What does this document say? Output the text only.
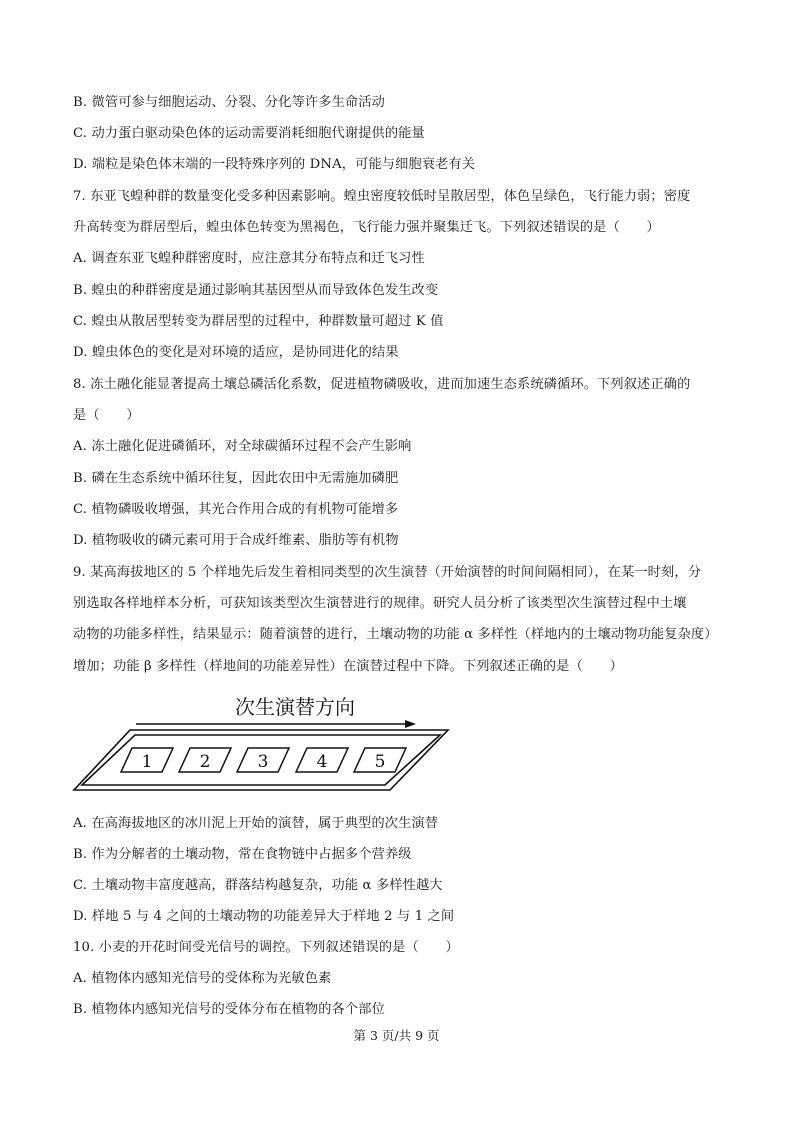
B. 微管可参与细胞运动、分裂、分化等许多生命活动
C. 动力蛋白驱动染色体的运动需要消耗细胞代谢提供的能量
D. 端粒是染色体末端的一段特殊序列的 DNA，可能与细胞衰老有关
7. 东亚飞蝗种群的数量变化受多种因素影响。蝗虫密度较低时呈散居型，体色呈绿色，飞行能力弱；密度
升高转变为群居型后，蝗虫体色转变为黑褐色，飞行能力强并聚集迁飞。下列叙述错误的是（　　）
A. 调查东亚飞蝗种群密度时，应注意其分布特点和迁飞习性
B. 蝗虫的种群密度是通过影响其基因型从而导致体色发生改变
C. 蝗虫从散居型转变为群居型的过程中，种群数量可超过 K 值
D. 蝗虫体色的变化是对环境的适应，是协同进化的结果
8. 冻土融化能显著提高土壤总磷活化系数，促进植物磷吸收，进而加速生态系统磷循环。下列叙述正确的
是（　　）
A. 冻土融化促进磷循环，对全球碳循环过程不会产生影响
B. 磷在生态系统中循环往复，因此农田中无需施加磷肥
C. 植物磷吸收增强，其光合作用合成的有机物可能增多
D. 植物吸收的磷元素可用于合成纤维素、脂肪等有机物
9. 某高海拔地区的 5 个样地先后发生着相同类型的次生演替（开始演替的时间间隔相同），在某一时刻，分
别选取各样地样本分析，可获知该类型次生演替进行的规律。研究人员分析了该类型次生演替过程中土壤
动物的功能多样性，结果显示：随着演替的进行，土壤动物的功能 α 多样性（样地内的土壤动物功能复杂度）
增加；功能 β 多样性（样地间的功能差异性）在演替过程中下降。下列叙述正确的是（　　）
次生演替方向
1	2	3	4	5
A. 在高海拔地区的冰川泥上开始的演替，属于典型的次生演替
B. 作为分解者的土壤动物，常在食物链中占据多个营养级
C. 土壤动物丰富度越高，群落结构越复杂，功能 α 多样性越大
D. 样地 5 与 4 之间的土壤动物的功能差异大于样地 2 与 1 之间
10. 小麦的开花时间受光信号的调控。下列叙述错误的是（　　）
A. 植物体内感知光信号的受体称为光敏色素
B. 植物体内感知光信号的受体分布在植物的各个部位
第 3 页/共 9 页
